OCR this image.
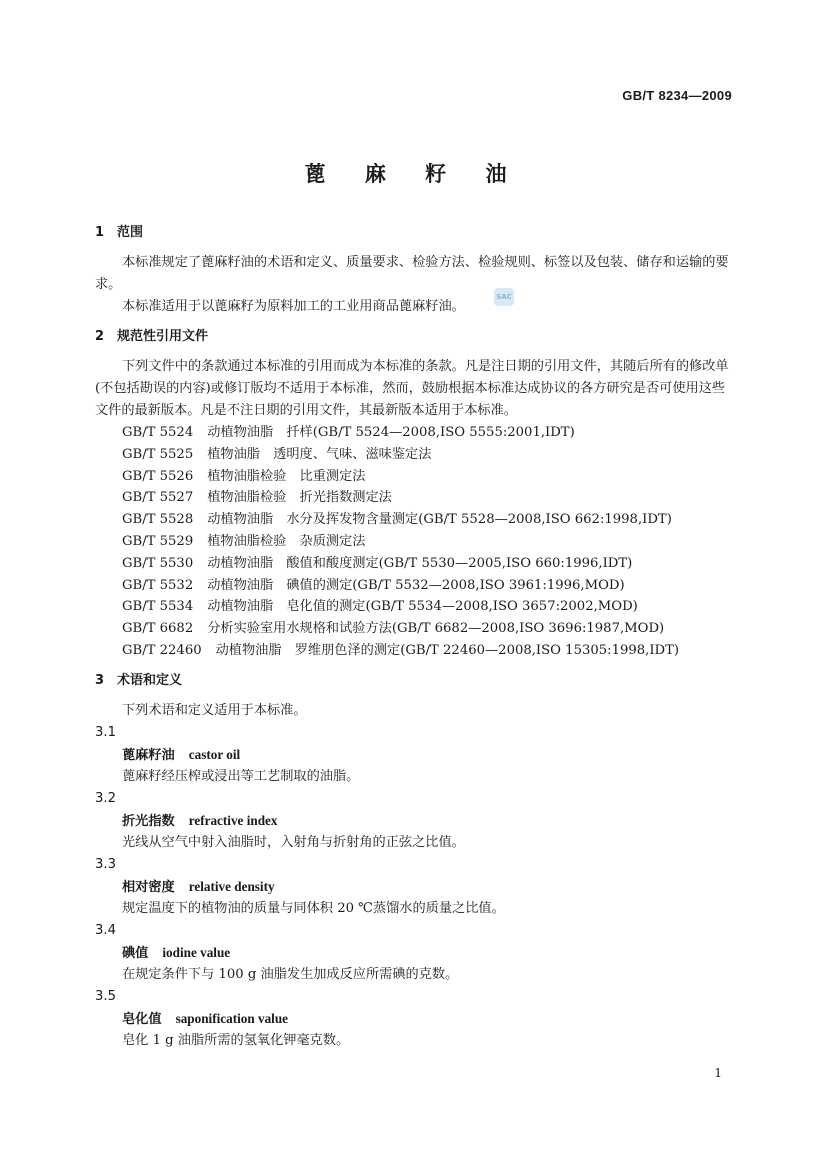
GB/T 8234—2009
蓖 麻 籽 油
SAC
1 范围
本标准规定了蓖麻籽油的术语和定义、质量要求、检验方法、检验规则、标签以及包装、储存和运输的要求。
本标准适用于以蓖麻籽为原料加工的工业用商品蓖麻籽油。
2 规范性引用文件
下列文件中的条款通过本标准的引用而成为本标准的条款。凡是注日期的引用文件，其随后所有的修改单(不包括勘误的内容)或修订版均不适用于本标准，然而，鼓励根据本标准达成协议的各方研究是否可使用这些文件的最新版本。凡是不注日期的引用文件，其最新版本适用于本标准。
GB/T 5524 动植物油脂　扦样(GB/T 5524—2008,ISO 5555:2001,IDT)
GB/T 5525 植物油脂　透明度、气味、滋味鉴定法
GB/T 5526 植物油脂检验　比重测定法
GB/T 5527 植物油脂检验　折光指数测定法
GB/T 5528 动植物油脂　水分及挥发物含量测定(GB/T 5528—2008,ISO 662:1998,IDT)
GB/T 5529 植物油脂检验　杂质测定法
GB/T 5530 动植物油脂　酸值和酸度测定(GB/T 5530—2005,ISO 660:1996,IDT)
GB/T 5532 动植物油脂　碘值的测定(GB/T 5532—2008,ISO 3961:1996,MOD)
GB/T 5534 动植物油脂　皂化值的测定(GB/T 5534—2008,ISO 3657:2002,MOD)
GB/T 6682 分析实验室用水规格和试验方法(GB/T 6682—2008,ISO 3696:1987,MOD)
GB/T 22460 动植物油脂　罗维朋色泽的测定(GB/T 22460—2008,ISO 15305:1998,IDT)
3 术语和定义
下列术语和定义适用于本标准。
3.1
蓖麻籽油 castor oil
蓖麻籽经压榨或浸出等工艺制取的油脂。
3.2
折光指数 refractive index
光线从空气中射入油脂时，入射角与折射角的正弦之比值。
3.3
相对密度 relative density
规定温度下的植物油的质量与同体积 20 ℃蒸馏水的质量之比值。
3.4
碘值 iodine value
在规定条件下与 100 g 油脂发生加成反应所需碘的克数。
3.5
皂化值 saponification value
皂化 1 g 油脂所需的氢氧化钾毫克数。
1
